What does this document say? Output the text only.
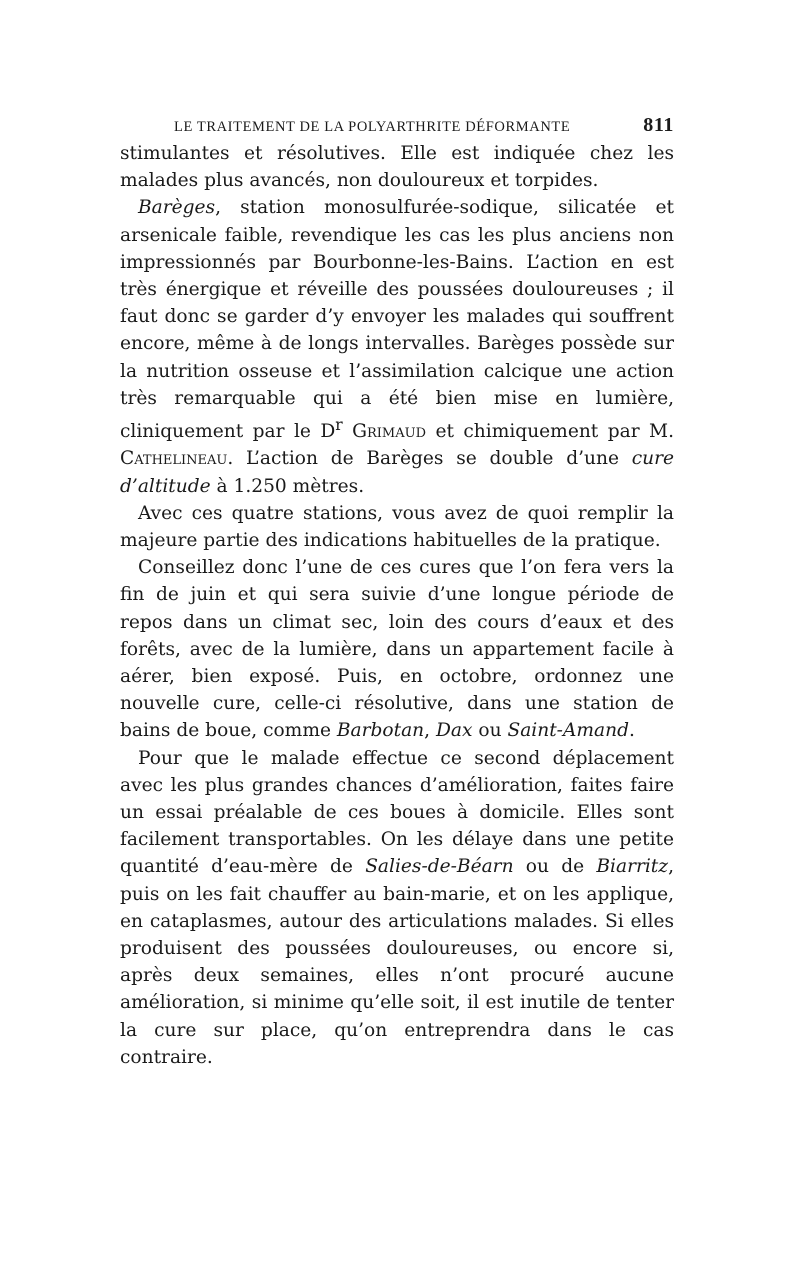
LE TRAITEMENT DE LA POLYARTHRITE DÉFORMANTE	811

stimulantes et résolutives. Elle est indiquée chez les malades plus avancés, non douloureux et torpides.

Barèges, station monosulfurée-sodique, silicatée et arsenicale faible, revendique les cas les plus anciens non impressionnés par Bourbonne-les-Bains. L’action en est très énergique et réveille des poussées douloureuses ; il faut donc se garder d’y envoyer les malades qui souffrent encore, même à de longs intervalles. Barèges possède sur la nutrition osseuse et l’assimilation calcique une action très remarquable qui a été bien mise en lumière, cliniquement par le $D^r$ Grimaud et chimiquement par M. Cathelineau. L’action de Barèges se double d’une cure d’altitude à 1.250 mètres.

Avec ces quatre stations, vous avez de quoi remplir la majeure partie des indications habituelles de la pratique.

Conseillez donc l’une de ces cures que l’on fera vers la fin de juin et qui sera suivie d’une longue période de repos dans un climat sec, loin des cours d’eaux et des forêts, avec de la lumière, dans un appartement facile à aérer, bien exposé. Puis, en octobre, ordonnez une nouvelle cure, celle-ci résolutive, dans une station de bains de boue, comme Barbotan, Dax ou Saint-Amand.

Pour que le malade effectue ce second déplacement avec les plus grandes chances d’amélioration, faites faire un essai préalable de ces boues à domicile. Elles sont facilement transportables. On les délaye dans une petite quantité d’eau-mère de Salies-de-Béarn ou de Biarritz, puis on les fait chauffer au bain-marie, et on les applique, en cataplasmes, autour des articulations malades. Si elles produisent des poussées douloureuses, ou encore si, après deux semaines, elles n’ont procuré aucune amélioration, si minime qu’elle soit, il est inutile de tenter la cure sur place, qu’on entreprendra dans le cas contraire.
